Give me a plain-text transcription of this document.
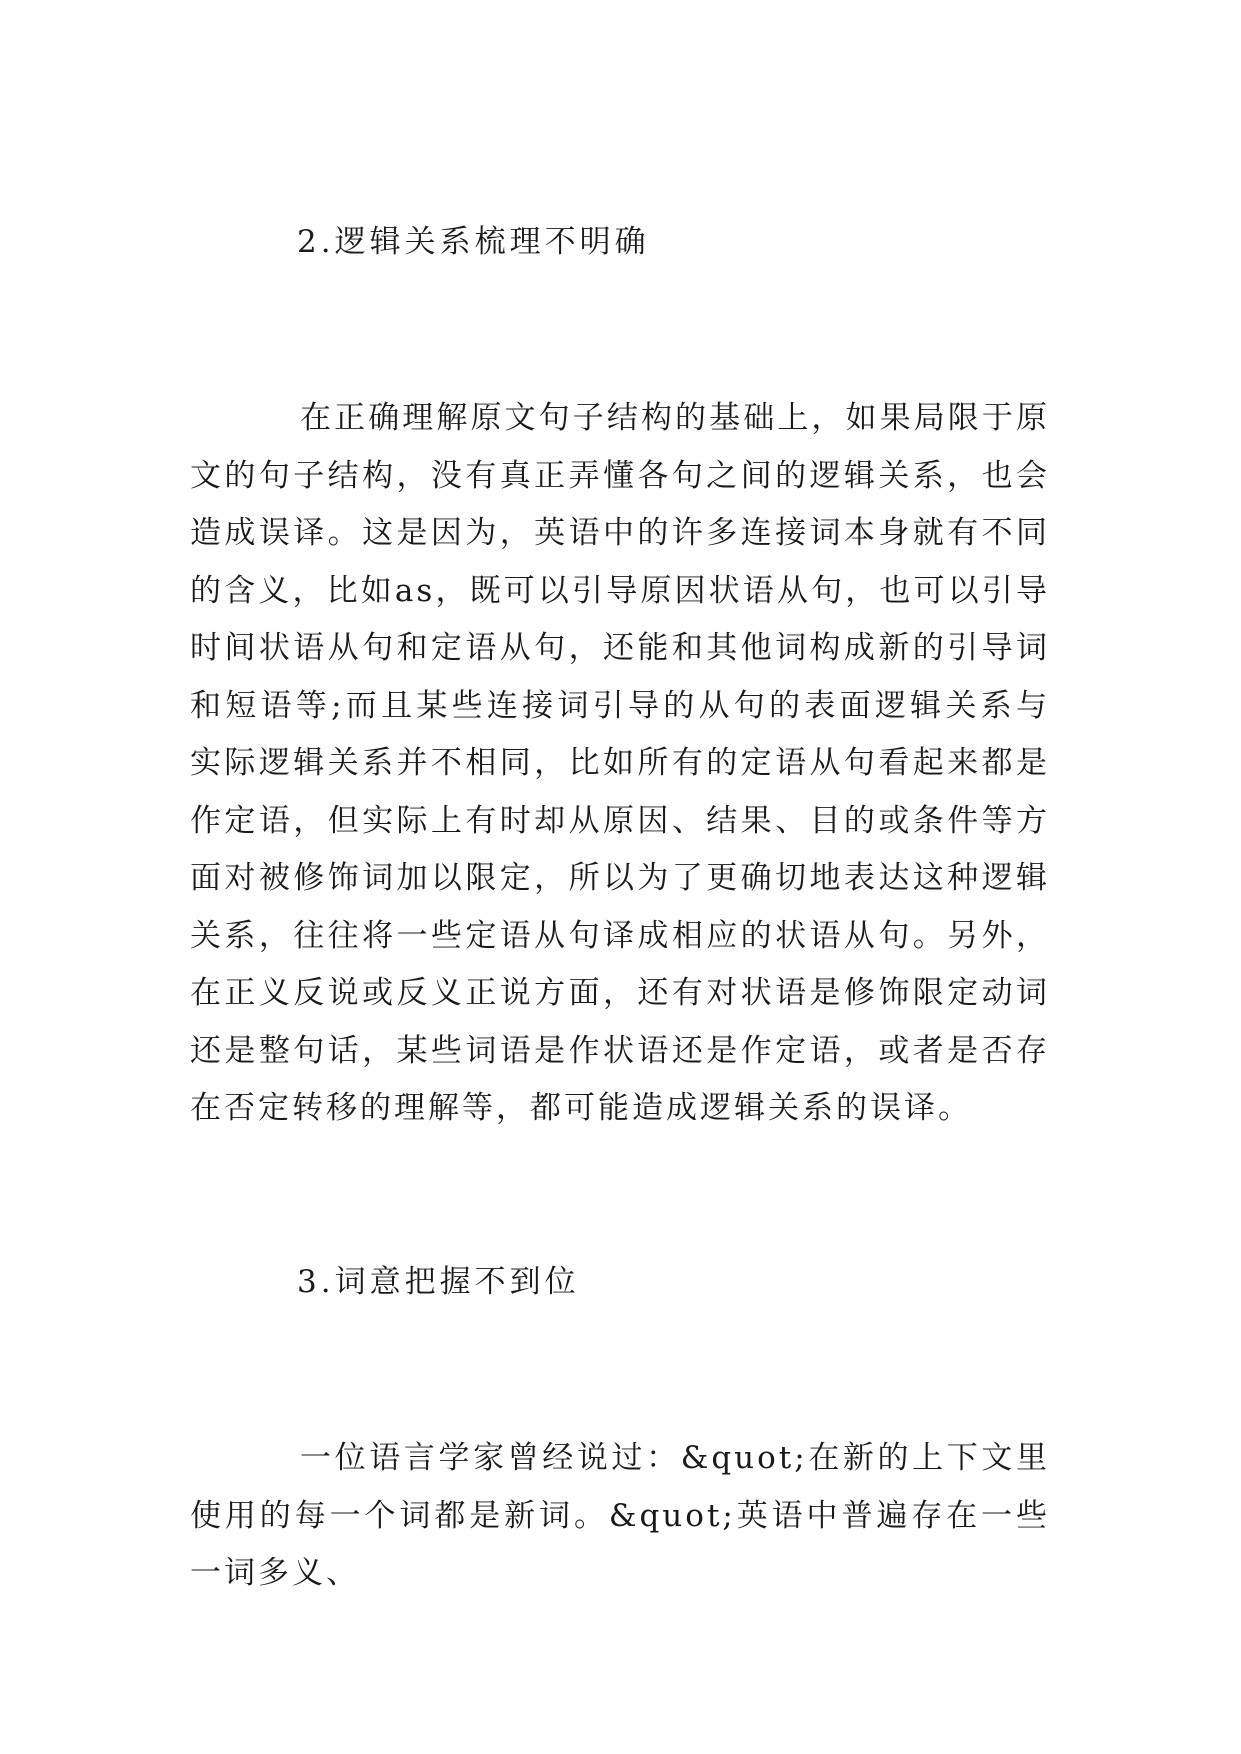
2.逻辑关系梳理不明确

在正确理解原文句子结构的基础上，如果局限于原文的句子结构，没有真正弄懂各句之间的逻辑关系，也会造成误译。这是因为，英语中的许多连接词本身就有不同的含义，比如as，既可以引导原因状语从句，也可以引导时间状语从句和定语从句，还能和其他词构成新的引导词和短语等;而且某些连接词引导的从句的表面逻辑关系与实际逻辑关系并不相同，比如所有的定语从句看起来都是作定语，但实际上有时却从原因、结果、目的或条件等方面对被修饰词加以限定，所以为了更确切地表达这种逻辑关系，往往将一些定语从句译成相应的状语从句。另外，在正义反说或反义正说方面，还有对状语是修饰限定动词还是整句话，某些词语是作状语还是作定语，或者是否存在否定转移的理解等，都可能造成逻辑关系的误译。

3.词意把握不到位

一位语言学家曾经说过：&quot;在新的上下文里使用的每一个词都是新词。&quot;英语中普遍存在一些一词多义、
